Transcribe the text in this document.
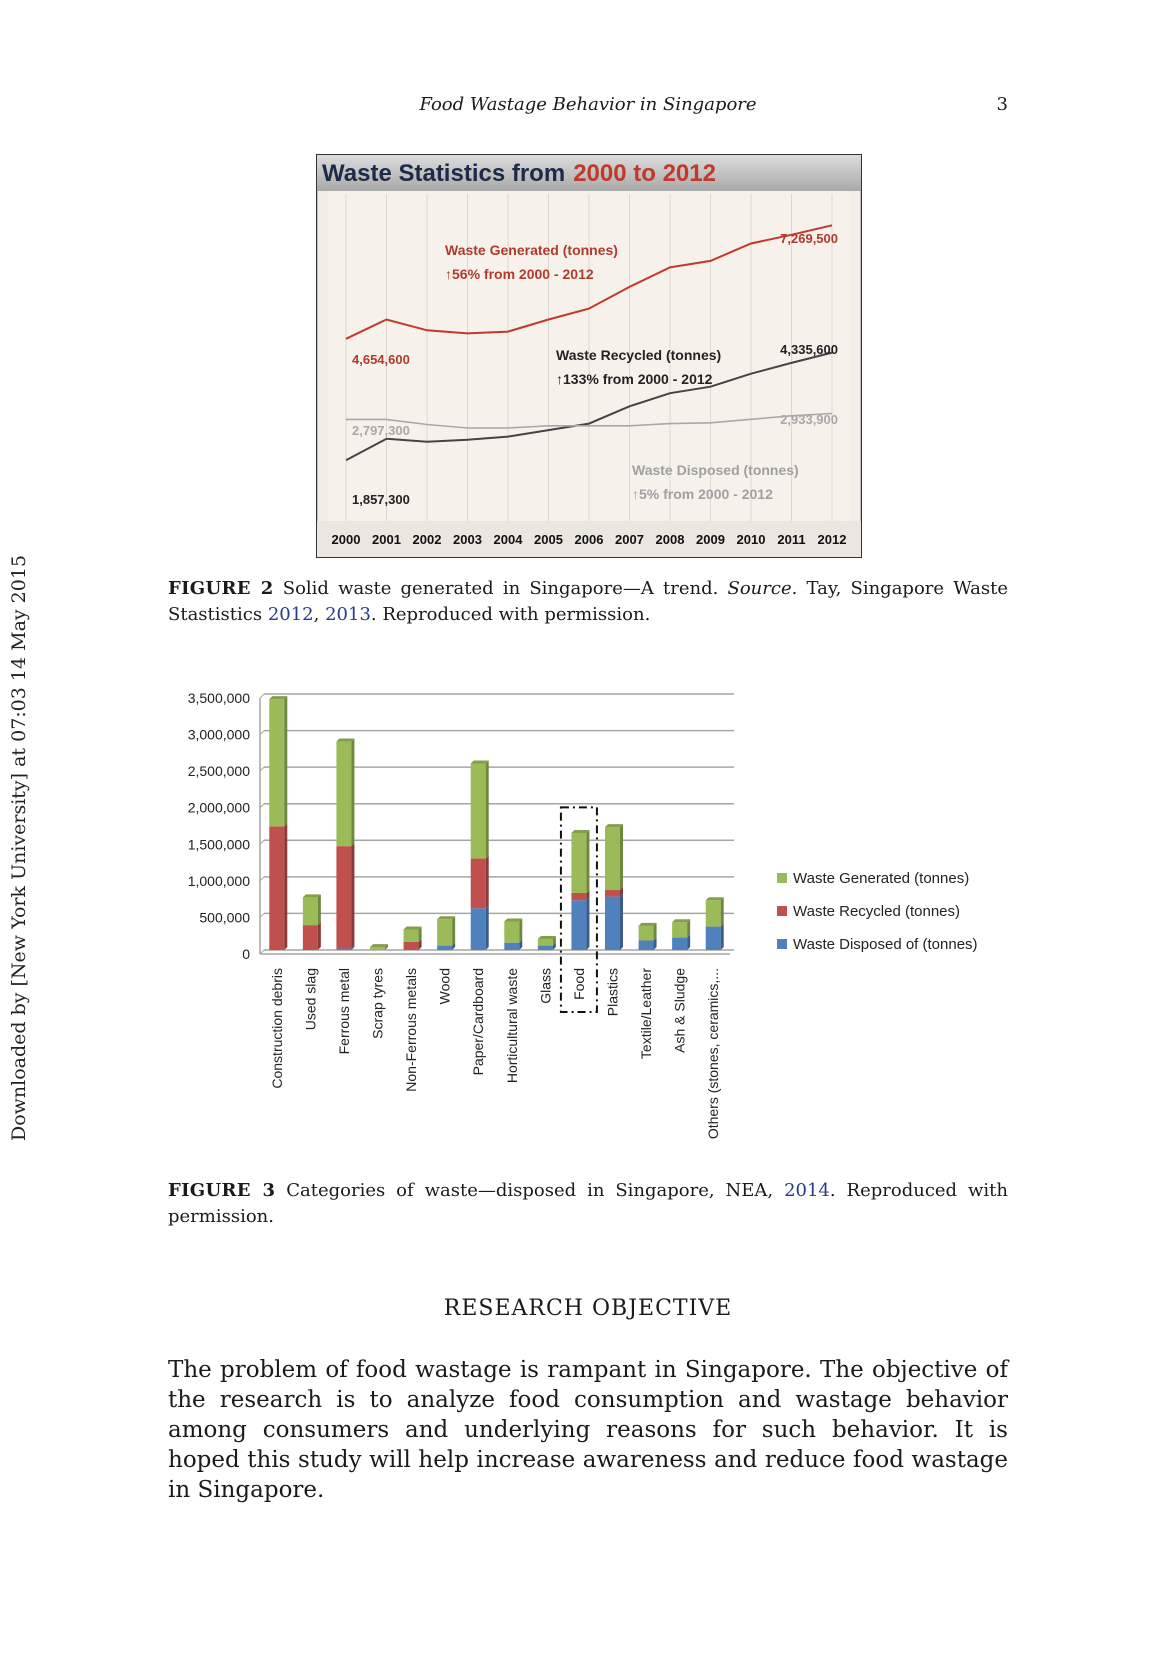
Downloaded by [New York University] at 07:03 14 May 2015
Food Wastage Behavior in Singapore	3
Waste Statistics from 2000 to 2012
Waste Generated (tonnes)
↑56% from 2000 - 2012
Waste Recycled (tonnes)
↑133% from 2000 - 2012
Waste Disposed (tonnes)
↑5% from 2000 - 2012
4,654,600
7,269,500
1,857,300
4,335,600
2,797,300
2,933,900
2000 2001 2002 2003 2004 2005 2006 2007 2008 2009 2010 2011 2012
FIGURE 2 Solid waste generated in Singapore—A trend. Source. Tay, Singapore Waste Stastistics 2012, 2013. Reproduced with permission.
0
500,000
1,000,000
1,500,000
2,000,000
2,500,000
3,000,000
3,500,000
Construction debris Used slag Ferrous metal Scrap tyres Non-Ferrous metals Wood Paper/Cardboard Horticultural waste Glass Food Plastics Textile/Leather Ash & Sludge Others (stones, ceramics,...
Waste Generated (tonnes)
Waste Recycled (tonnes)
Waste Disposed of (tonnes)
FIGURE 3 Categories of waste—disposed in Singapore, NEA, 2014. Reproduced with permission.
RESEARCH OBJECTIVE

The problem of food wastage is rampant in Singapore. The objective of the research is to analyze food consumption and wastage behavior among consumers and underlying reasons for such behavior. It is hoped this study will help increase awareness and reduce food wastage in Singapore.
